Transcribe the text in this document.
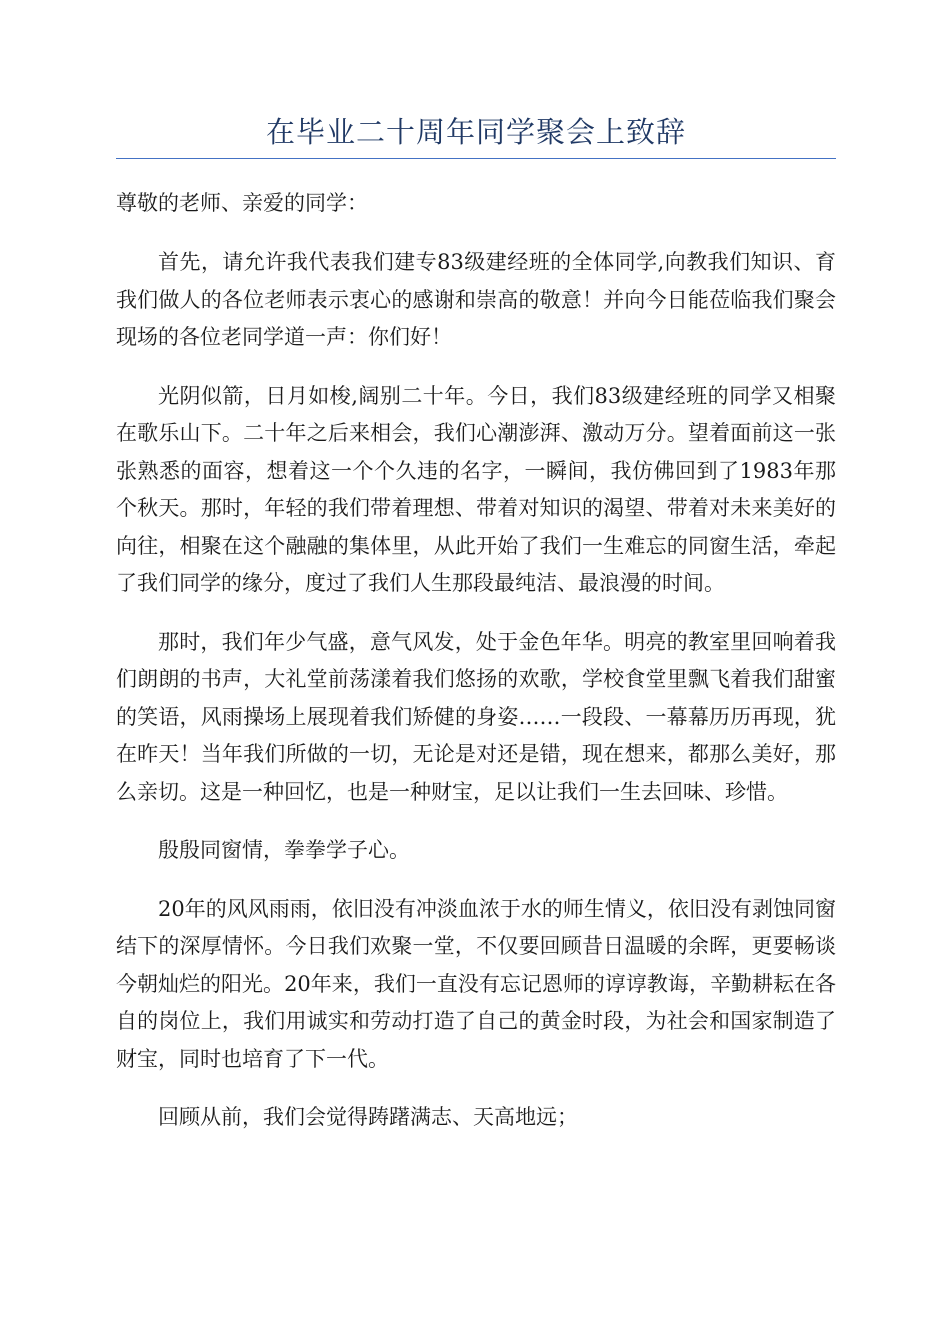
在毕业二十周年同学聚会上致辞

尊敬的老师、亲爱的同学：

首先，请允许我代表我们建专83级建经班的全体同学,向教我们知识、育我们做人的各位老师表示衷心的感谢和崇高的敬意！并向今日能莅临我们聚会现场的各位老同学道一声：你们好！

光阴似箭，日月如梭,阔别二十年。今日，我们83级建经班的同学又相聚在歌乐山下。二十年之后来相会，我们心潮澎湃、激动万分。望着面前这一张张熟悉的面容，想着这一个个久违的名字，一瞬间，我仿佛回到了1983年那个秋天。那时，年轻的我们带着理想、带着对知识的渴望、带着对未来美好的向往，相聚在这个融融的集体里，从此开始了我们一生难忘的同窗生活，牵起了我们同学的缘分，度过了我们人生那段最纯洁、最浪漫的时间。

那时，我们年少气盛，意气风发，处于金色年华。明亮的教室里回响着我们朗朗的书声，大礼堂前荡漾着我们悠扬的欢歌，学校食堂里飘飞着我们甜蜜的笑语，风雨操场上展现着我们矫健的身姿……一段段、一幕幕历历再现，犹在昨天！当年我们所做的一切，无论是对还是错，现在想来，都那么美好，那么亲切。这是一种回忆，也是一种财宝，足以让我们一生去回味、珍惜。

殷殷同窗情，拳拳学子心。

20年的风风雨雨，依旧没有冲淡血浓于水的师生情义，依旧没有剥蚀同窗结下的深厚情怀。今日我们欢聚一堂，不仅要回顾昔日温暖的余晖，更要畅谈今朝灿烂的阳光。20年来，我们一直没有忘记恩师的谆谆教诲，辛勤耕耘在各自的岗位上，我们用诚实和劳动打造了自己的黄金时段，为社会和国家制造了财宝，同时也培育了下一代。

回顾从前，我们会觉得踌躇满志、天高地远；
